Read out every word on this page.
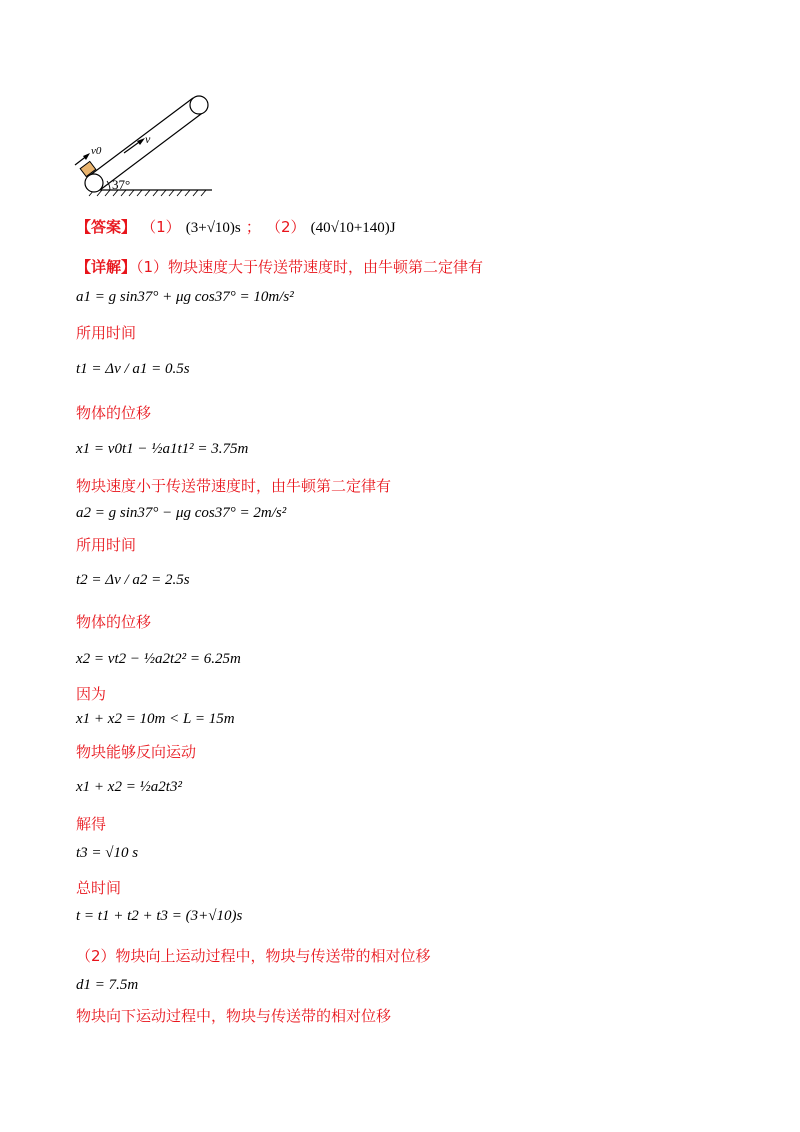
v0
v
37°
【答案】 （1） (3+√10)s ； （2） (40√10+140)J
【详解】（1）物块速度大于传送带速度时，由牛顿第二定律有
a1 = g sin37° + μg cos37° = 10m/s²
所用时间
t1 = Δv / a1 = 0.5s
物体的位移
x1 = v0t1 − ½a1t1² = 3.75m
物块速度小于传送带速度时，由牛顿第二定律有
a2 = g sin37° − μg cos37° = 2m/s²
所用时间
t2 = Δv / a2 = 2.5s
物体的位移
x2 = vt2 − ½a2t2² = 6.25m
因为
x1 + x2 = 10m < L = 15m
物块能够反向运动
x1 + x2 = ½a2t3²
解得
t3 = √10 s
总时间
t = t1 + t2 + t3 = (3+√10)s
（2）物块向上运动过程中，物块与传送带的相对位移
d1 = 7.5m
物块向下运动过程中，物块与传送带的相对位移
